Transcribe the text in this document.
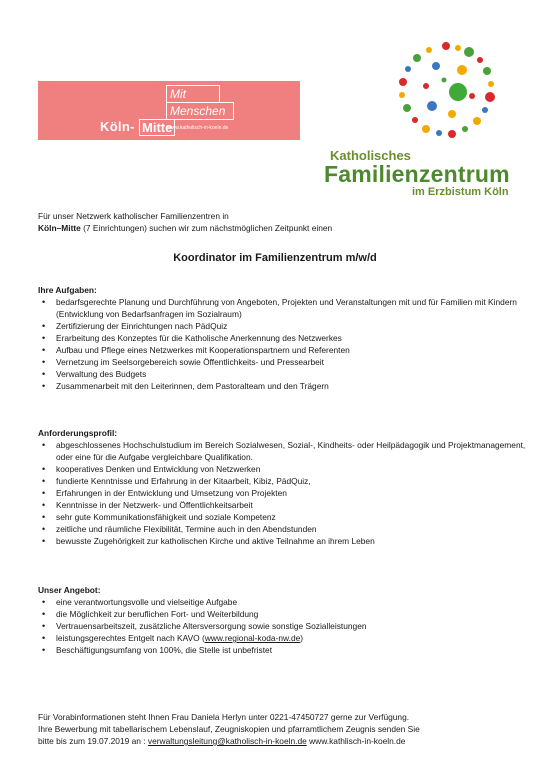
Mit
Menschen
Köln- Mitte
www.katholisch-in-koeln.de
Katholisches
Familienzentrum
im Erzbistum Köln

Für unser Netzwerk katholischer Familienzentren in

Köln–Mitte (7 Einrichtungen) suchen wir zum nächstmöglichen Zeitpunkt einen

Koordinator im Familienzentrum m/w/d
Ihre Aufgaben:
• bedarfsgerechte Planung und Durchführung von Angeboten, Projekten und Veranstaltungen mit und für Familien mit Kindern (Entwicklung von Bedarfsanfragen im Sozialraum)
• Zertifizierung der Einrichtungen nach PädQuiz
• Erarbeitung des Konzeptes für die Katholische Anerkennung des Netzwerkes
• Aufbau und Pflege eines Netzwerkes mit Kooperationspartnern und Referenten
• Vernetzung im Seelsorgebereich sowie Öffentlichkeits- und Pressearbeit
• Verwaltung des Budgets
• Zusammenarbeit mit den Leiterinnen, dem Pastoralteam und den Trägern
Anforderungsprofil:
• abgeschlossenes Hochschulstudium im Bereich Sozialwesen, Sozial-, Kindheits- oder Heilpädagogik und Projektmanagement, oder eine für die Aufgabe vergleichbare Qualifikation.
• kooperatives Denken und Entwicklung von Netzwerken
• fundierte Kenntnisse und Erfahrung in der Kitaarbeit, Kibiz, PädQuiz,
• Erfahrungen in der Entwicklung und Umsetzung von Projekten
• Kenntnisse in der Netzwerk- und Öffentlichkeitsarbeit
• sehr gute Kommunikationsfähigkeit und soziale Kompetenz
• zeitliche und räumliche Flexibilität, Termine auch in den Abendstunden
• bewusste Zugehörigkeit zur katholischen Kirche und aktive Teilnahme an ihrem Leben
Unser Angebot:
• eine verantwortungsvolle und vielseitige Aufgabe
• die Möglichkeit zur beruflichen Fort- und Weiterbildung
• Vertrauensarbeitszeit, zusätzliche Altersversorgung sowie sonstige Sozialleistungen
• leistungsgerechtes Entgelt nach KAVO (www.regional-koda-nw.de)
• Beschäftigungsumfang von 100%, die Stelle ist unbefristet

Für Vorabinformationen steht Ihnen Frau Daniela Herlyn unter 0221-47450727 gerne zur Verfügung.

Ihre Bewerbung mit tabellarischem Lebenslauf, Zeugniskopien und pfarramtlichem Zeugnis senden Sie

bitte bis zum 19.07.2019 an : verwaltungsleitung@katholisch-in-koeln.de www.kathlisch-in-koeln.de
